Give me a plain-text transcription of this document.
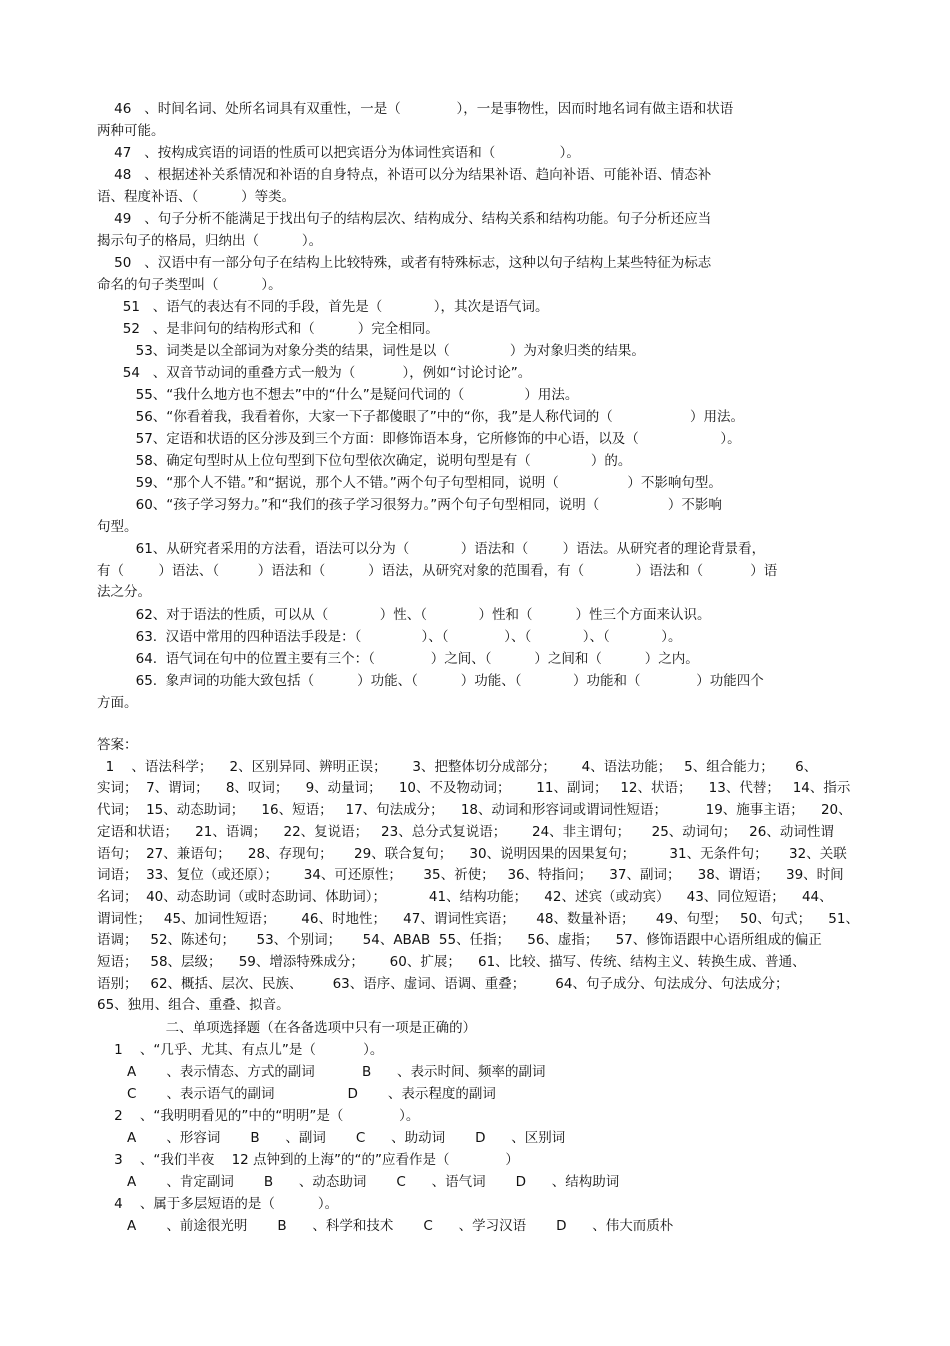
46   、时间名词、处所名词具有双重性，一是（             ），一是事物性，因而时地名词有做主语和状语
两种可能。
47   、按构成宾语的词语的性质可以把宾语分为体词性宾语和（               ）。
48   、根据述补关系情况和补语的自身特点，补语可以分为结果补语、趋向补语、可能补语、情态补
语、程度补语、（          ）等类。
49   、句子分析不能满足于找出句子的结构层次、结构成分、结构关系和结构功能。句子分析还应当
揭示句子的格局，归纳出（          ）。
50   、汉语中有一部分句子在结构上比较特殊，或者有特殊标志，这种以句子结构上某些特征为标志
命名的句子类型叫（          ）。
51   、语气的表达有不同的手段，首先是（            ），其次是语气词。
52   、是非问句的结构形式和（          ）完全相同。
53、词类是以全部词为对象分类的结果，词性是以（              ）为对象归类的结果。
54   、双音节动词的重叠方式一般为（           ），例如“讨论讨论”。
55、“我什么地方也不想去”中的“什么”是疑问代词的（              ）用法。
56、“你看着我，我看着你，大家一下子都傻眼了”中的“你，我”是人称代词的（                  ）用法。
57、定语和状语的区分涉及到三个方面：即修饰语本身，它所修饰的中心语，以及（                   ）。
58、确定句型时从上位句型到下位句型依次确定，说明句型是有（              ）的。
59、“那个人不错。”和“据说，那个人不错。”两个句子句型相同，说明（                ）不影响句型。
60、“孩子学习努力。”和“我们的孩子学习很努力。”两个句子句型相同，说明（                ）不影响
句型。
61、从研究者采用的方法看，语法可以分为（            ）语法和（        ）语法。从研究者的理论背景看，
有（        ）语法、（         ）语法和（          ）语法，从研究对象的范围看，有（            ）语法和（           ）语
法之分。
62、对于语法的性质，可以从（            ）性、（            ）性和（          ）性三个方面来认识。
63.  汉语中常用的四种语法手段是：（              ）、（             ）、（            ）、（            ）。
64.  语气词在句中的位置主要有三个：（             ）之间、（          ）之间和（          ）之内。
65.  象声词的功能大致包括（          ）功能、（          ）功能、（            ）功能和（             ）功能四个
方面。
答案：
1    、语法科学；    2、区别异同、辨明正误；      3、把整体切分成部分；      4、语法功能；   5、组合能力；     6、
实词；  7、谓词；    8、叹词；    9、动量词；    10、不及物动词；      11、副词；   12、状语；    13、代替；   14、指示
代词；  15、动态助词；    16、短语；   17、句法成分；    18、动词和形容词或谓词性短语；         19、施事主语；    20、
定语和状语；    21、语调；    22、复说语；   23、总分式复说语；      24、非主谓句；     25、动词句；   26、动词性谓
语句；  27、兼语句；    28、存现句；     29、联合复句；    30、说明因果的因果复句；        31、无条件句；     32、关联
词语；  33、复位（或还原）；      34、可还原性；     35、祈使；   36、特指问；    37、副词；    38、谓语；    39、时间
名词；  40、动态助词（或时态助词、体助词）；          41、结构功能；    42、述宾（或动宾）    43、同位短语；    44、
谓词性；   45、加词性短语；      46、时地性；    47、谓词性宾语；     48、数量补语；     49、句型；   50、句式；    51、
语调；   52、陈述句；     53、个别词；     54、ABAB  55、任指；    56、虚指；    57、修饰语跟中心语所组成的偏正
短语；   58、层级；    59、增添特殊成分；      60、扩展；    61、比较、描写、传统、结构主义、转换生成、普通、
语别；   62、概括、层次、民族、       63、语序、虚词、语调、重叠；       64、句子成分、句法成分、句法成分；
65、独用、组合、重叠、拟音。
二、单项选择题（在各备选项中只有一项是正确的）
1    、“几乎、尤其、有点儿”是（           ）。
A       、表示情态、方式的副词           B      、表示时间、频率的副词
C       、表示语气的副词                 D       、表示程度的副词
2    、“我明明看见的”中的“明明”是（             ）。
A       、形容词       B      、副词       C      、助动词       D      、区别词
3    、“我们半夜    12 点钟到的上海”的“的”应看作是（             ）
A       、肯定副词       B      、动态助词       C      、语气词       D      、结构助词
4    、属于多层短语的是（          ）。
A       、前途很光明       B      、科学和技术       C      、学习汉语       D      、伟大而质朴
